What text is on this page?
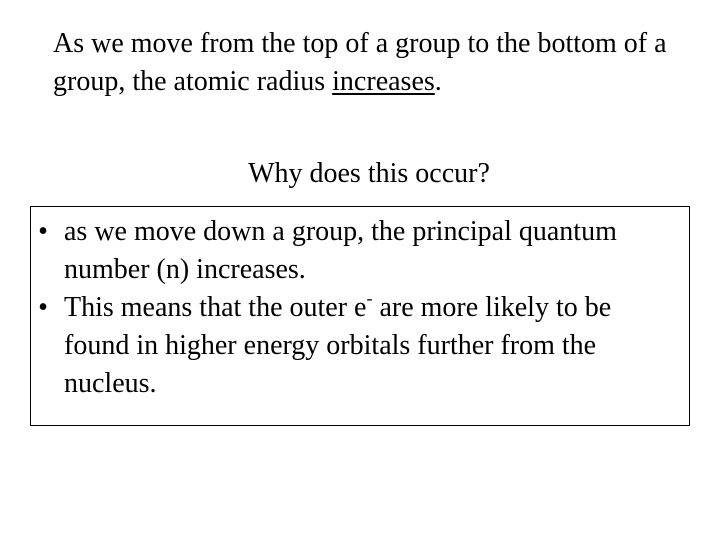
As we move from the top of a group to the bottom of a group, the atomic radius increases.

Why does this occur?

• as we move down a group, the principal quantum number (n) increases.
• This means that the outer e- are more likely to be found in higher energy orbitals further from the nucleus.
